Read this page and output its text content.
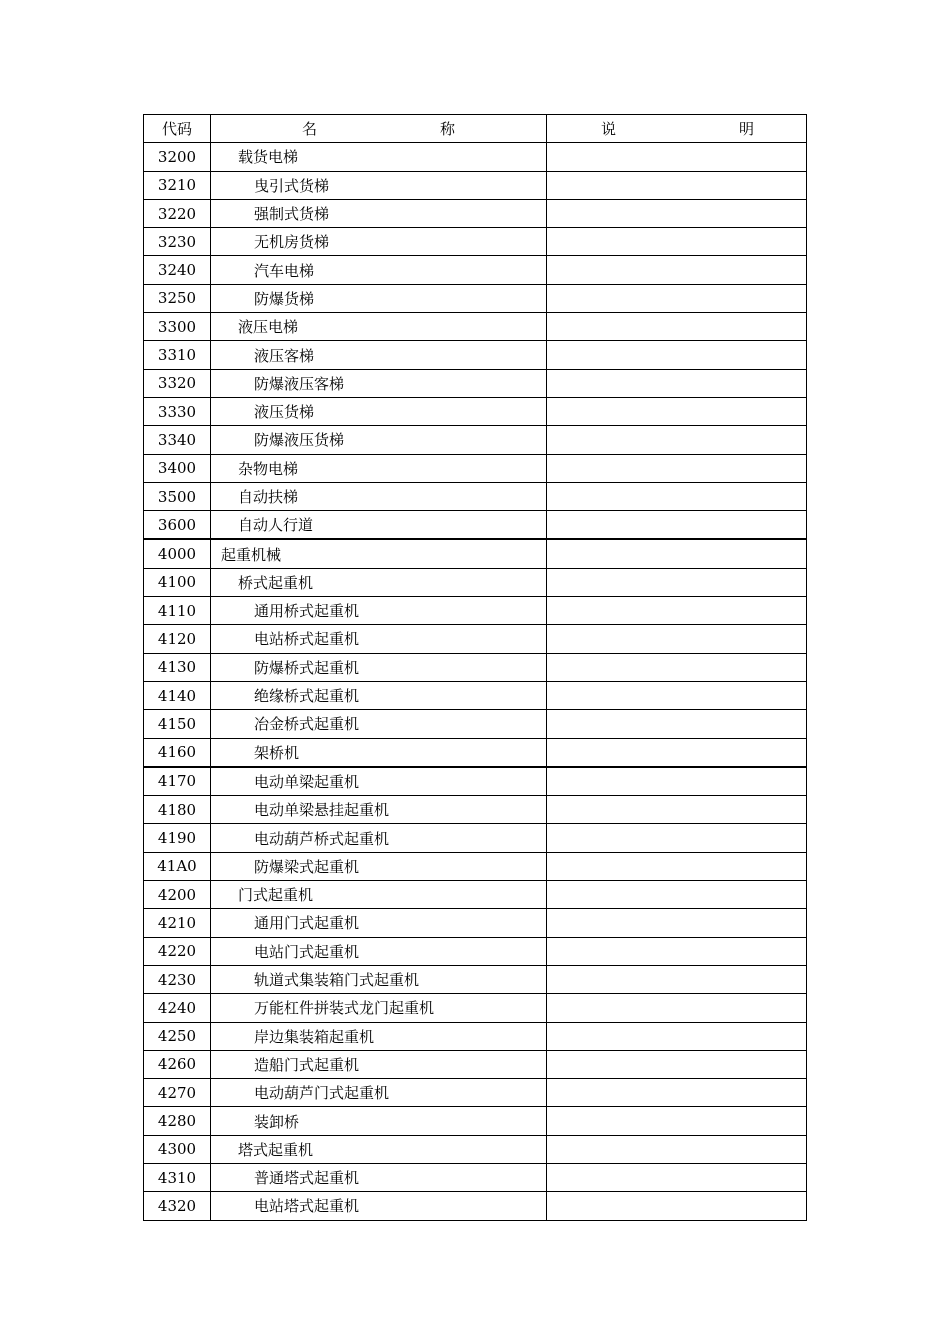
代码	名　称	说　明
3200	载货电梯	
3210	曳引式货梯	
3220	强制式货梯	
3230	无机房货梯	
3240	汽车电梯	
3250	防爆货梯	
3300	液压电梯	
3310	液压客梯	
3320	防爆液压客梯	
3330	液压货梯	
3340	防爆液压货梯	
3400	杂物电梯	
3500	自动扶梯	
3600	自动人行道	
4000	起重机械	
4100	桥式起重机	
4110	通用桥式起重机	
4120	电站桥式起重机	
4130	防爆桥式起重机	
4140	绝缘桥式起重机	
4150	冶金桥式起重机	
4160	架桥机	
4170	电动单梁起重机	
4180	电动单梁悬挂起重机	
4190	电动葫芦桥式起重机	
41A0	防爆梁式起重机	
4200	门式起重机	
4210	通用门式起重机	
4220	电站门式起重机	
4230	轨道式集装箱门式起重机	
4240	万能杠件拼装式龙门起重机	
4250	岸边集装箱起重机	
4260	造船门式起重机	
4270	电动葫芦门式起重机	
4280	装卸桥	
4300	塔式起重机	
4310	普通塔式起重机	
4320	电站塔式起重机	
